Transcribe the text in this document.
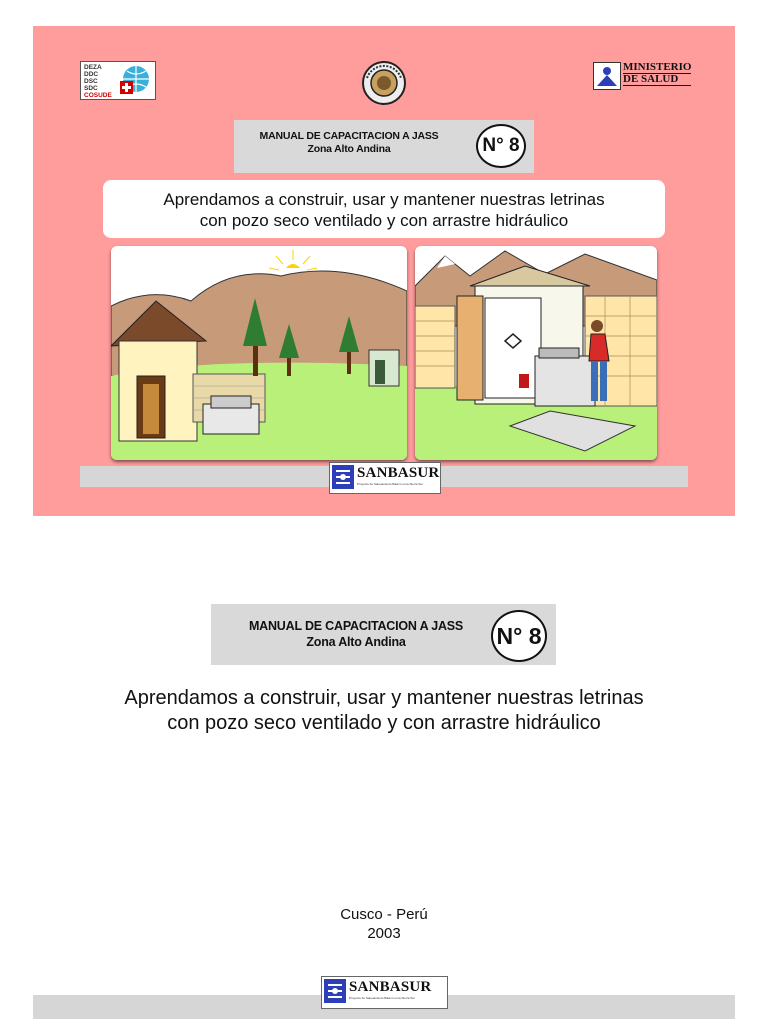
DEZA
DDC
DSC
SDC
COSUDE
MINISTERIO
DE SALUD
MANUAL DE CAPACITACION A JASS
Zona Alto Andina	N° 8
Aprendamos a construir, usar y mantener nuestras letrinas
con pozo seco ventilado y con arrastre hidráulico
SANBASUR
Proyecto de Saneamiento Básico en la Sierra Sur
MANUAL DE CAPACITACION A JASS
Zona Alto Andina	N° 8
Aprendamos a construir, usar y mantener nuestras letrinas
con pozo seco ventilado y con arrastre hidráulico
Cusco - Perú
2003
SANBASUR
Proyecto de Saneamiento Básico en la Sierra Sur
